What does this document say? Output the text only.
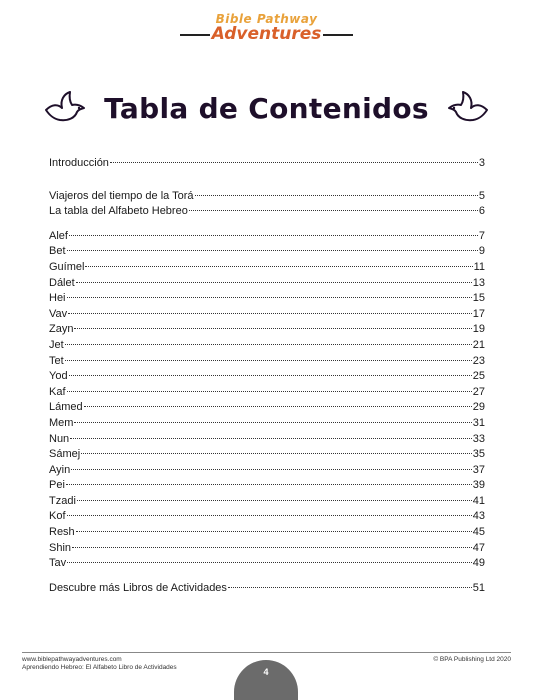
Bible Pathway
Adventures
Tabla de Contenidos
Introducción	3
Viajeros del tiempo de la Torá	5
La tabla del Alfabeto Hebreo	6
Alef	7
Bet	9
Guímel	11
Dálet	13
Hei	15
Vav	17
Zayn	19
Jet	21
Tet	23
Yod	25
Kaf	27
Lámed	29
Mem	31
Nun	33
Sámej	35
Ayin	37
Pei	39
Tzadi	41
Kof	43
Resh	45
Shin	47
Tav	49
Descubre más Libros de Actividades	51
www.biblepathwayadventures.com
Aprendiendo Hebreo: El Alfabeto Libro de Actividades
© BPA Publishing Ltd 2020
4
